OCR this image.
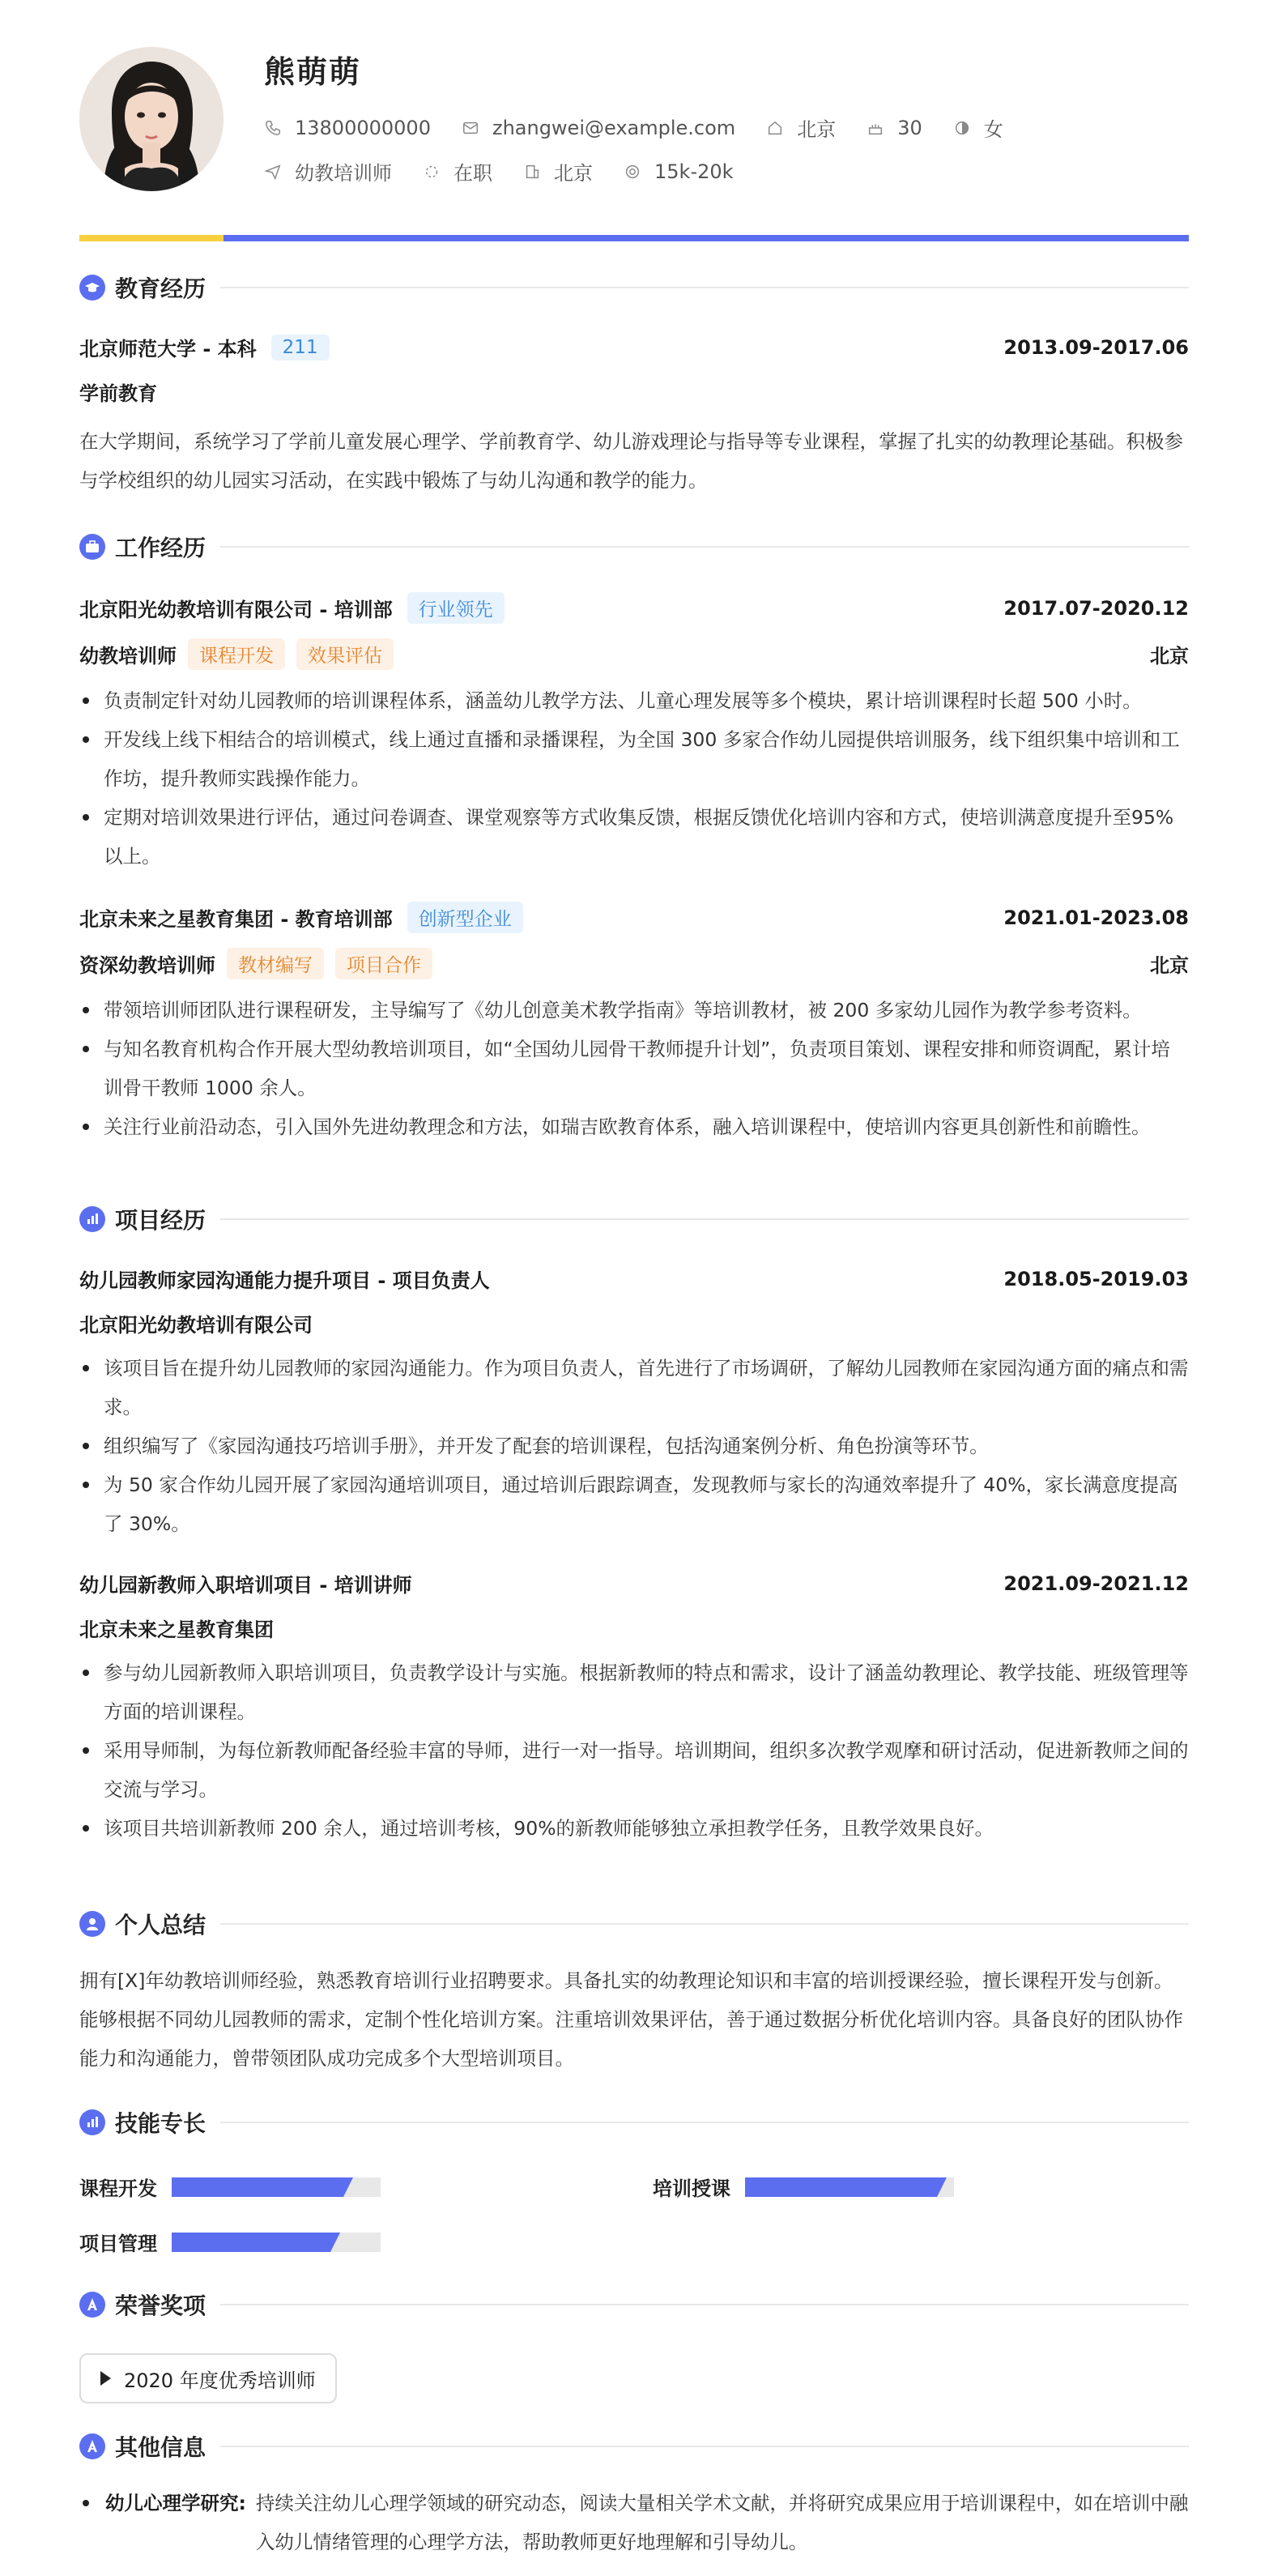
熊萌萌
13800000000	zhangwei@example.com	北京	30	女
幼教培训师	在职	北京	15k-20k
教育经历
北京师范大学 - 本科	211	2013.09-2017.06
学前教育
在大学期间，系统学习了学前儿童发展心理学、学前教育学、幼儿游戏理论与指导等专业课程，掌握了扎实的幼教理论基础。积极参与学校组织的幼儿园实习活动，在实践中锻炼了与幼儿沟通和教学的能力。
工作经历
北京阳光幼教培训有限公司 - 培训部	行业领先	2017.07-2020.12
幼教培训师	课程开发	效果评估	北京
负责制定针对幼儿园教师的培训课程体系，涵盖幼儿教学方法、儿童心理发展等多个模块，累计培训课程时长超 500 小时。
开发线上线下相结合的培训模式，线上通过直播和录播课程，为全国 300 多家合作幼儿园提供培训服务，线下组织集中培训和工作坊，提升教师实践操作能力。
定期对培训效果进行评估，通过问卷调查、课堂观察等方式收集反馈，根据反馈优化培训内容和方式，使培训满意度提升至95%以上。
北京未来之星教育集团 - 教育培训部	创新型企业	2021.01-2023.08
资深幼教培训师	教材编写	项目合作	北京
带领培训师团队进行课程研发，主导编写了《幼儿创意美术教学指南》等培训教材，被 200 多家幼儿园作为教学参考资料。
与知名教育机构合作开展大型幼教培训项目，如“全国幼儿园骨干教师提升计划”，负责项目策划、课程安排和师资调配，累计培训骨干教师 1000 余人。
关注行业前沿动态，引入国外先进幼教理念和方法，如瑞吉欧教育体系，融入培训课程中，使培训内容更具创新性和前瞻性。
项目经历
幼儿园教师家园沟通能力提升项目 - 项目负责人	2018.05-2019.03
北京阳光幼教培训有限公司
该项目旨在提升幼儿园教师的家园沟通能力。作为项目负责人，首先进行了市场调研，了解幼儿园教师在家园沟通方面的痛点和需求。
组织编写了《家园沟通技巧培训手册》，并开发了配套的培训课程，包括沟通案例分析、角色扮演等环节。
为 50 家合作幼儿园开展了家园沟通培训项目，通过培训后跟踪调查，发现教师与家长的沟通效率提升了 40%，家长满意度提高了 30%。
幼儿园新教师入职培训项目 - 培训讲师	2021.09-2021.12
北京未来之星教育集团
参与幼儿园新教师入职培训项目，负责教学设计与实施。根据新教师的特点和需求，设计了涵盖幼教理论、教学技能、班级管理等方面的培训课程。
采用导师制，为每位新教师配备经验丰富的导师，进行一对一指导。培训期间，组织多次教学观摩和研讨活动，促进新教师之间的交流与学习。
该项目共培训新教师 200 余人，通过培训考核，90%的新教师能够独立承担教学任务，且教学效果良好。
个人总结
拥有[X]年幼教培训师经验，熟悉教育培训行业招聘要求。具备扎实的幼教理论知识和丰富的培训授课经验，擅长课程开发与创新。能够根据不同幼儿园教师的需求，定制个性化培训方案。注重培训效果评估，善于通过数据分析优化培训内容。具备良好的团队协作能力和沟通能力，曾带领团队成功完成多个大型培训项目。
技能专长
课程开发	培训授课
项目管理
荣誉奖项
2020 年度优秀培训师
其他信息
幼儿心理学研究: 持续关注幼儿心理学领域的研究动态，阅读大量相关学术文献，并将研究成果应用于培训课程中，如在培训中融入幼儿情绪管理的心理学方法，帮助教师更好地理解和引导幼儿。
